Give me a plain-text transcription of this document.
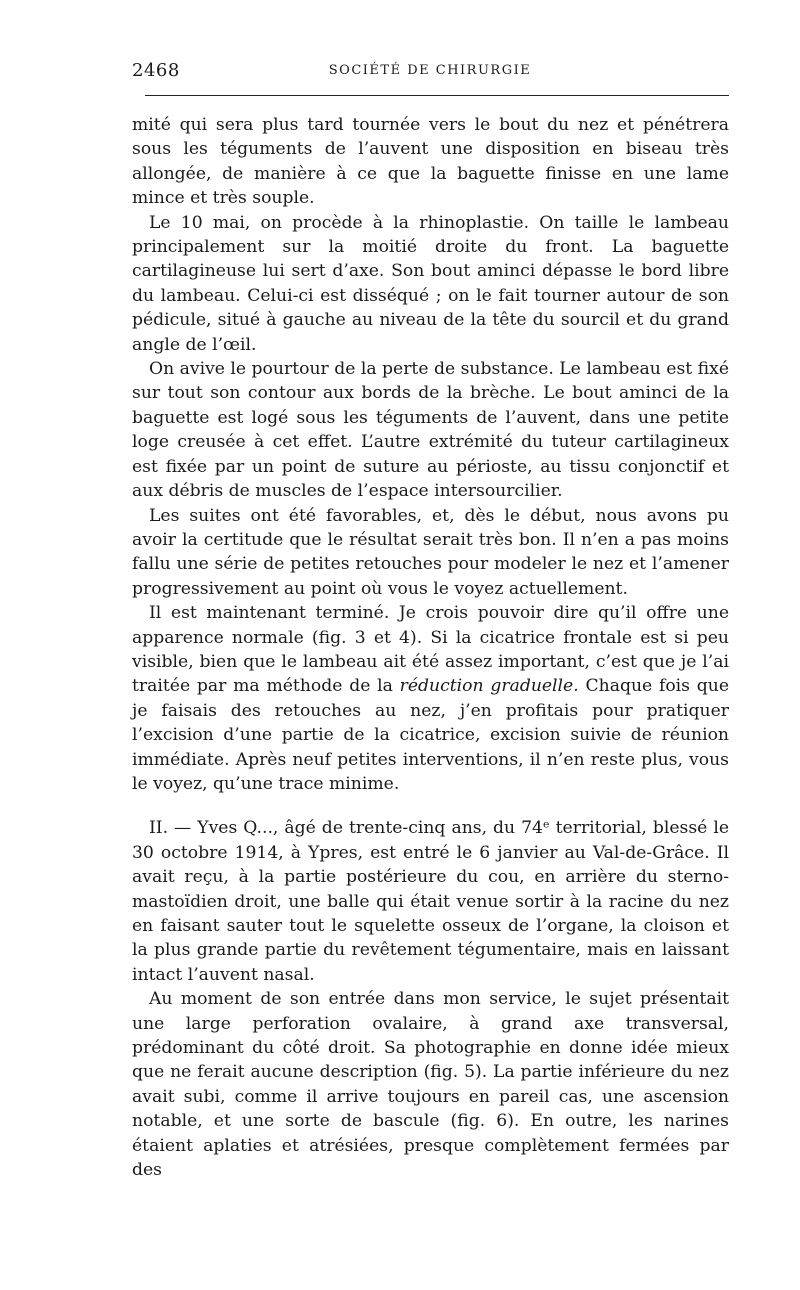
2468	SOCIÉTÉ DE CHIRURGIE

mité qui sera plus tard tournée vers le bout du nez et pénétrera sous les téguments de l’auvent une disposition en biseau très allongée, de manière à ce que la baguette finisse en une lame mince et très souple.

Le 10 mai, on procède à la rhinoplastie. On taille le lambeau principalement sur la moitié droite du front. La baguette cartilagineuse lui sert d’axe. Son bout aminci dépasse le bord libre du lambeau. Celui-ci est disséqué ; on le fait tourner autour de son pédicule, situé à gauche au niveau de la tête du sourcil et du grand angle de l’œil.

On avive le pourtour de la perte de substance. Le lambeau est fixé sur tout son contour aux bords de la brèche. Le bout aminci de la baguette est logé sous les téguments de l’auvent, dans une petite loge creusée à cet effet. L’autre extrémité du tuteur cartilagineux est fixée par un point de suture au périoste, au tissu conjonctif et aux débris de muscles de l’espace intersourcilier.

Les suites ont été favorables, et, dès le début, nous avons pu avoir la certitude que le résultat serait très bon. Il n’en a pas moins fallu une série de petites retouches pour modeler le nez et l’amener progressivement au point où vous le voyez actuellement.

Il est maintenant terminé. Je crois pouvoir dire qu’il offre une apparence normale (fig. 3 et 4). Si la cicatrice frontale est si peu visible, bien que le lambeau ait été assez important, c’est que je l’ai traitée par ma méthode de la réduction graduelle. Chaque fois que je faisais des retouches au nez, j’en profitais pour pratiquer l’excision d’une partie de la cicatrice, excision suivie de réunion immédiate. Après neuf petites interventions, il n’en reste plus, vous le voyez, qu’une trace minime.

II. — Yves Q..., âgé de trente-cinq ans, du 74ᵉ territorial, blessé le 30 octobre 1914, à Ypres, est entré le 6 janvier au Val-de-Grâce. Il avait reçu, à la partie postérieure du cou, en arrière du sterno-mastoïdien droit, une balle qui était venue sortir à la racine du nez en faisant sauter tout le squelette osseux de l’organe, la cloison et la plus grande partie du revêtement tégumentaire, mais en laissant intact l’auvent nasal.

Au moment de son entrée dans mon service, le sujet présentait une large perforation ovalaire, à grand axe transversal, prédominant du côté droit. Sa photographie en donne idée mieux que ne ferait aucune description (fig. 5). La partie inférieure du nez avait subi, comme il arrive toujours en pareil cas, une ascension notable, et une sorte de bascule (fig. 6). En outre, les narines étaient aplaties et atrésiées, presque complètement fermées par des
